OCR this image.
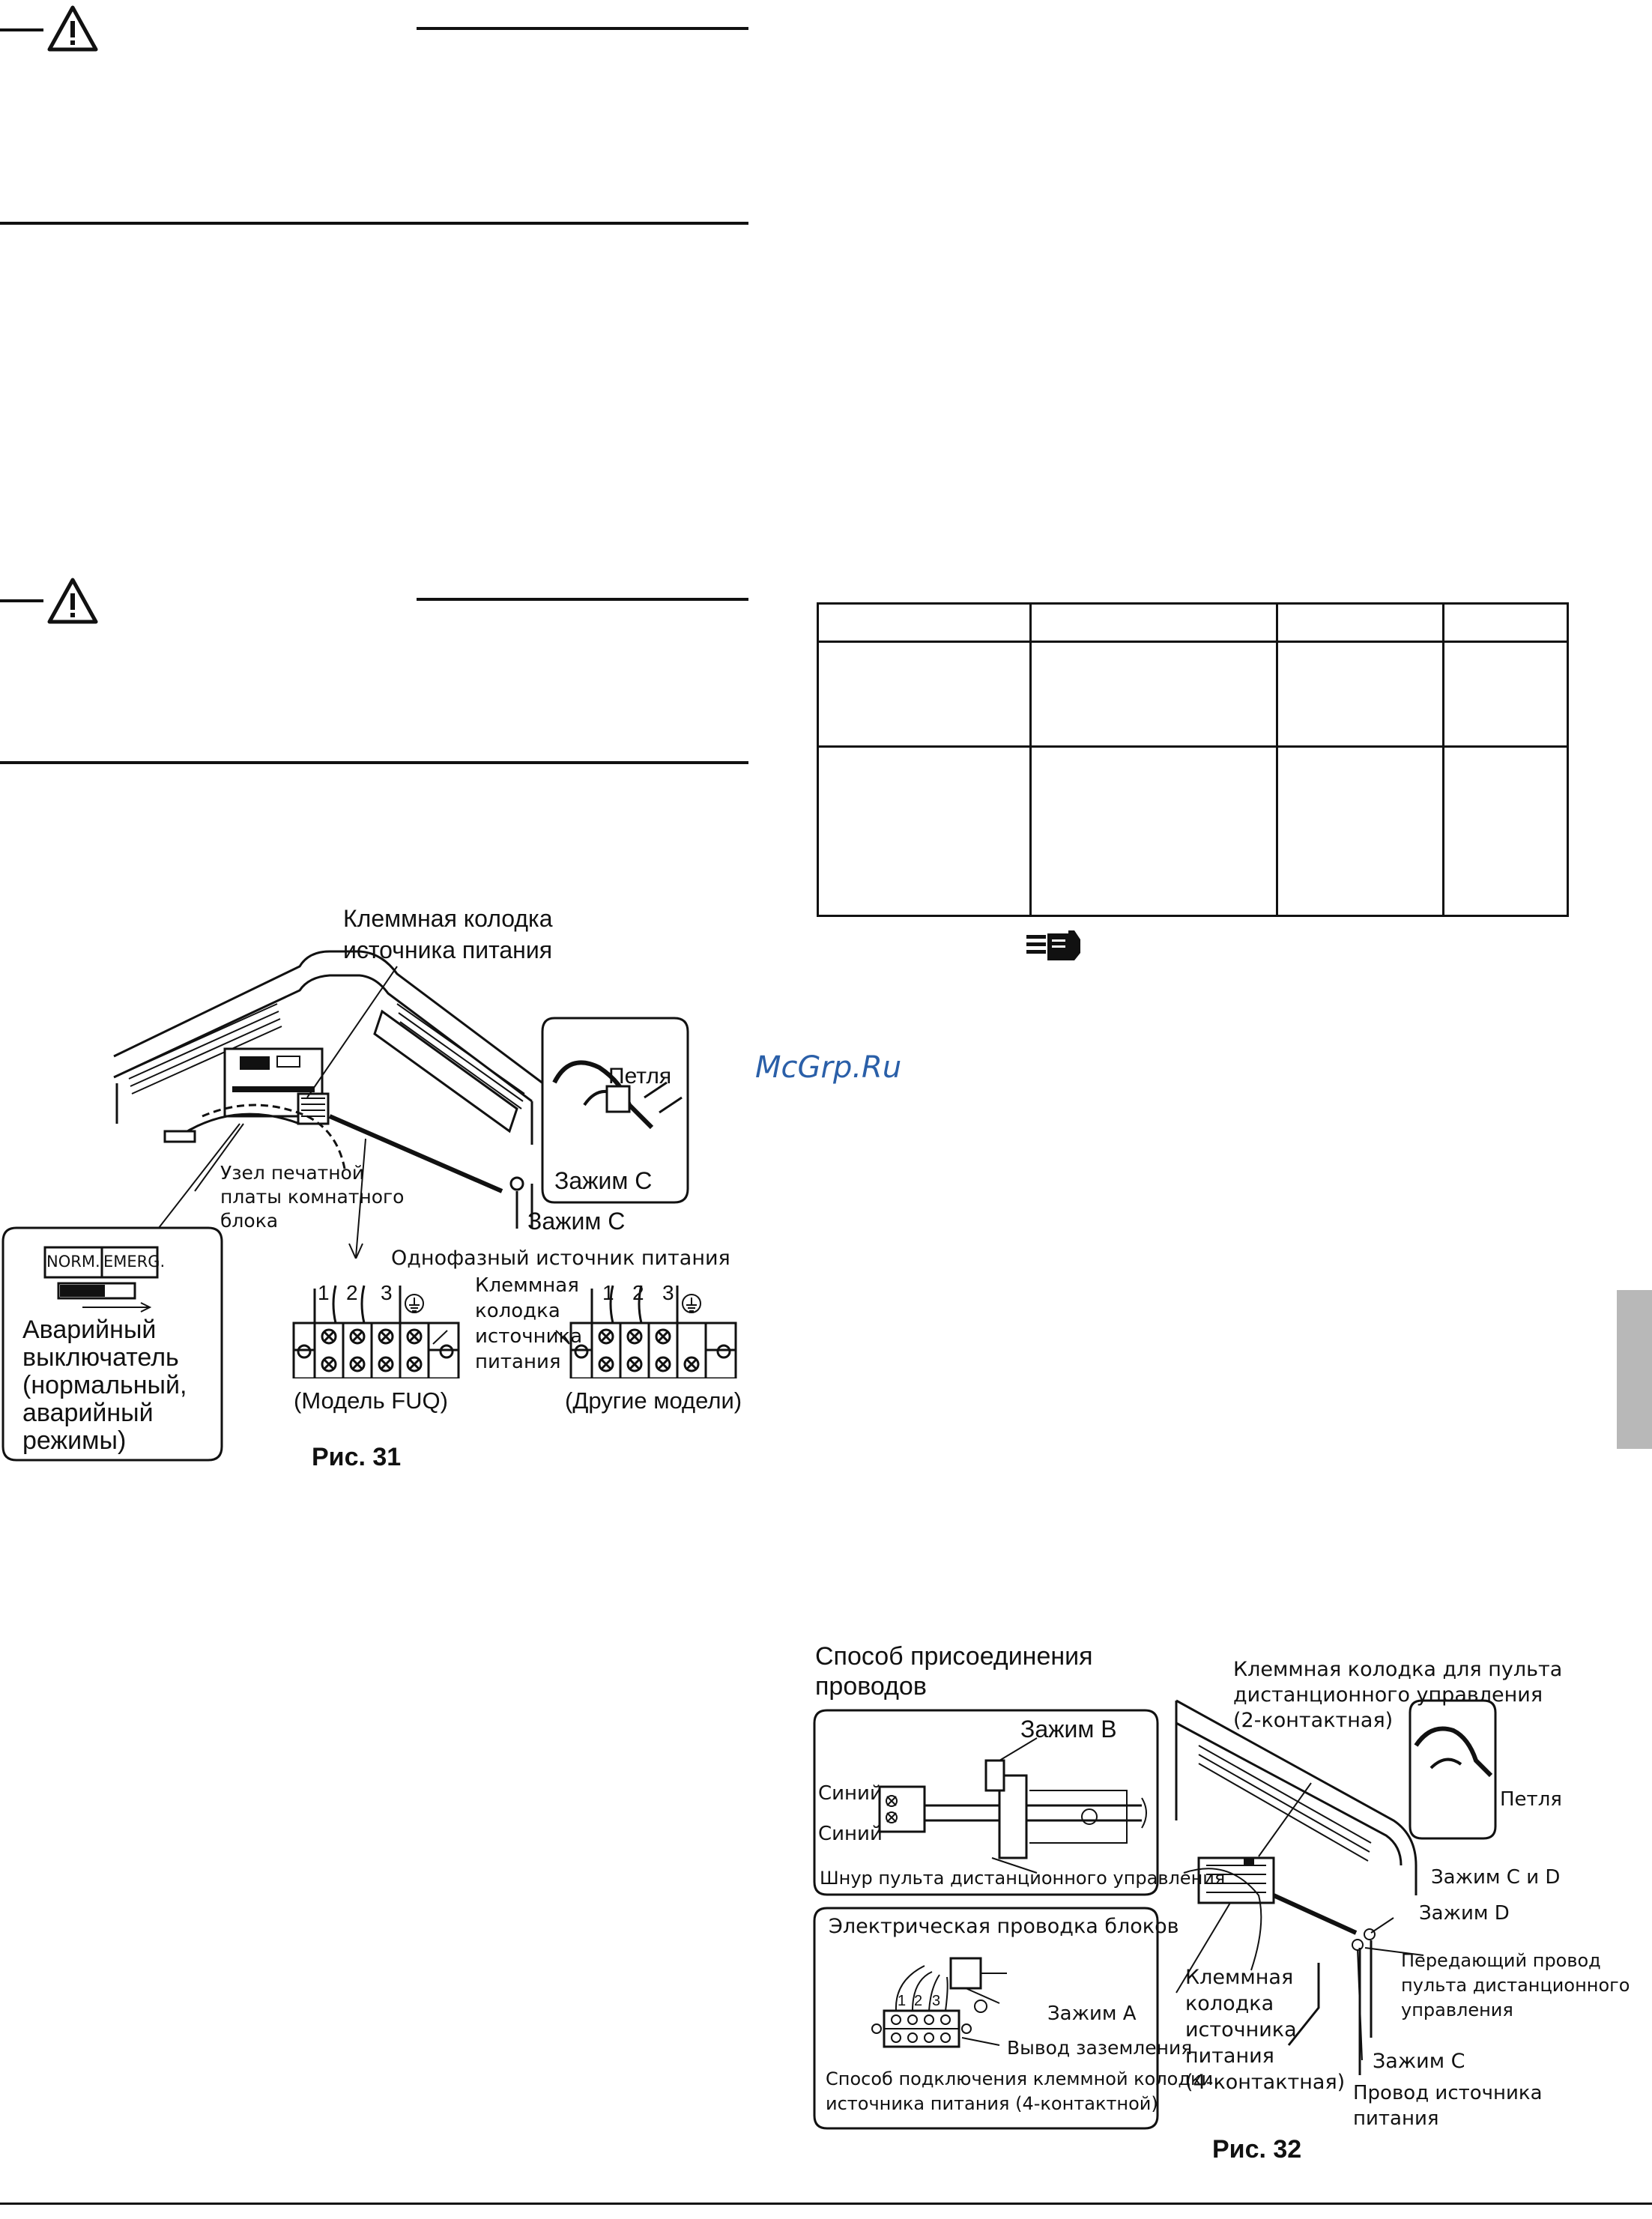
McGrp.Ru
Клеммная колодка
источника питания
Петля
Зажим C
Зажим C
Узел печатной
платы комнатного
блока
Однофазный источник питания
NORM. EMERG.
Аварийный
выключатель
(нормальный,
аварийный
режимы)
Клеммная
колодка
источника
питания
1 2 3	1 2 3
(Модель FUQ)	(Другие модели)
Рис. 31
Способ присоединения
проводов
Клеммная колодка для пульта
дистанционного управления
(2-контактная)
Зажим B
Синий
Синий
Шнур пульта дистанционного управления
Петля
Зажим C и D
Зажим D
Электрическая проводка блоков
Зажим A
Вывод заземления
Способ подключения клеммной колодки
источника питания (4-контактной)
Клеммная
колодка
источника
питания
(4-контактная)
Передающий провод
пульта дистанционного
управления
Зажим C
Провод источника
питания
1 2 3
Рис. 32
